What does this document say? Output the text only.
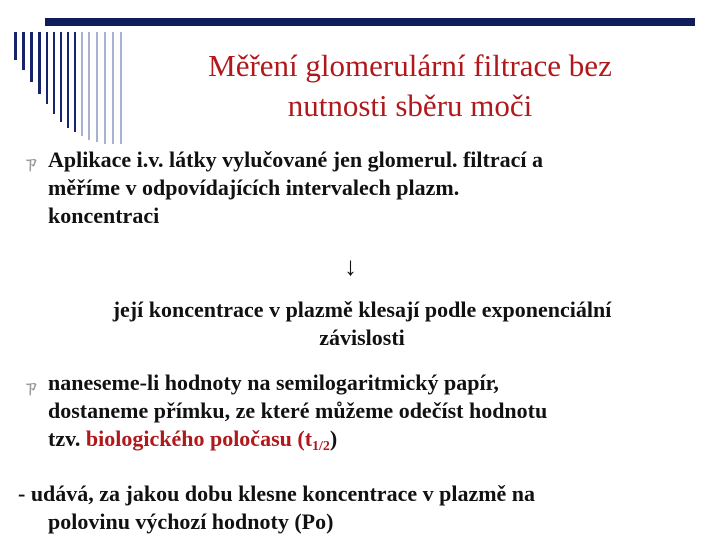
Měření glomerulární filtrace bez
nutnosti sběru moči
ㄗ Aplikace i.v. látky vylučované jen glomerul. filtrací a
měříme v odpovídajících intervalech plazm.
koncentraci
↓
její koncentrace v plazmě klesají podle exponenciální
závislosti
ㄗ naneseme-li hodnoty na semilogaritmický papír,
dostaneme přímku, ze které můžeme odečíst hodnotu
tzv. biologického poločasu $(t_{1/2})$
- udává, za jakou dobu klesne koncentrace v plazmě na
polovinu výchozí hodnoty (Po)
